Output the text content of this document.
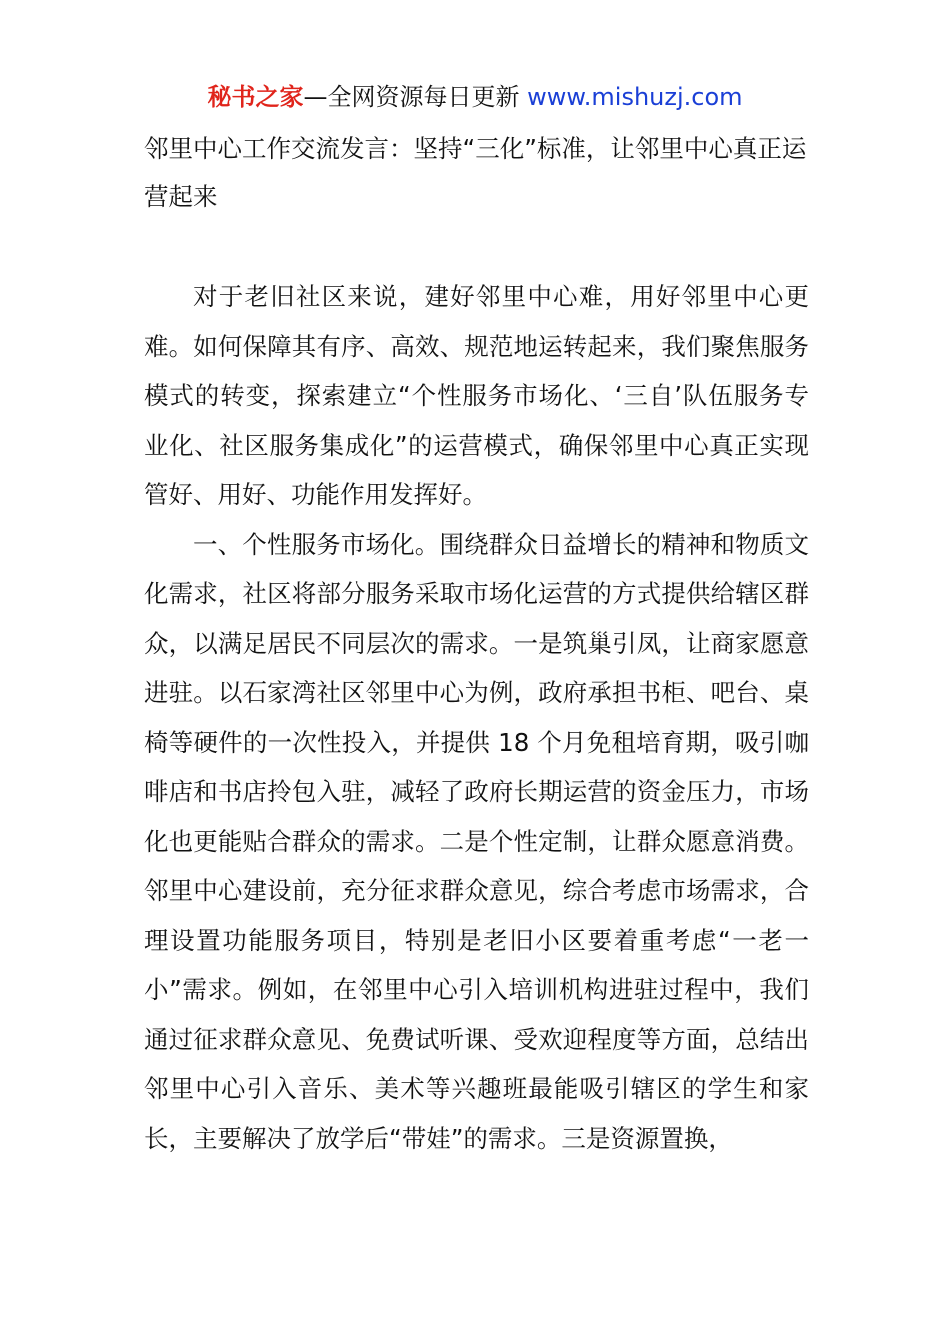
秘书之家—全网资源每日更新 www.mishuzj.com
邻里中心工作交流发言：坚持“三化”标准，让邻里中心真正运营起来

对于老旧社区来说，建好邻里中心难，用好邻里中心更难。如何保障其有序、高效、规范地运转起来，我们聚焦服务模式的转变，探索建立“个性服务市场化、‘三自’队伍服务专业化、社区服务集成化”的运营模式，确保邻里中心真正实现管好、用好、功能作用发挥好。

一、个性服务市场化。围绕群众日益增长的精神和物质文化需求，社区将部分服务采取市场化运营的方式提供给辖区群众，以满足居民不同层次的需求。一是筑巢引凤，让商家愿意进驻。以石家湾社区邻里中心为例，政府承担书柜、吧台、桌椅等硬件的一次性投入，并提供 18 个月免租培育期，吸引咖啡店和书店拎包入驻，减轻了政府长期运营的资金压力，市场化也更能贴合群众的需求。二是个性定制，让群众愿意消费。邻里中心建设前，充分征求群众意见，综合考虑市场需求，合理设置功能服务项目，特别是老旧小区要着重考虑“一老一小”需求。例如，在邻里中心引入培训机构进驻过程中，我们通过征求群众意见、免费试听课、受欢迎程度等方面，总结出邻里中心引入音乐、美术等兴趣班最能吸引辖区的学生和家长，主要解决了放学后“带娃”的需求。三是资源置换，
